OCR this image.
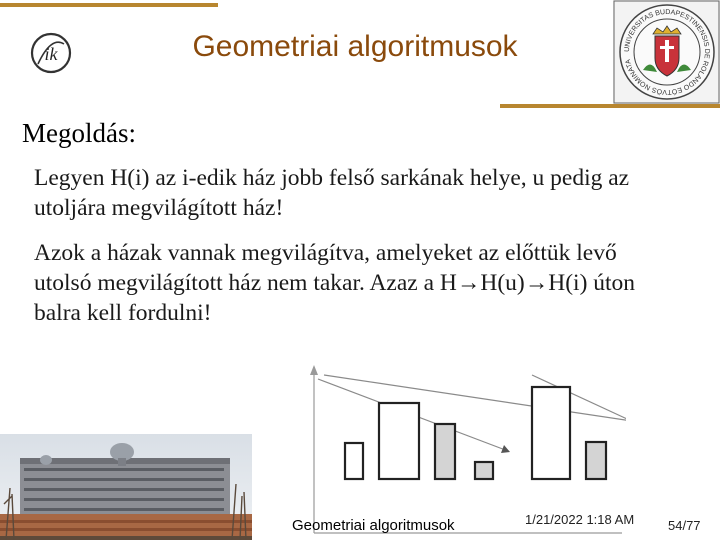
ik	Geometriai algoritmusok	UNIVERSITAS BUDAPESTINENSIS DE ROLANDO EÖTVÖS NOMINATA
Megoldás:

Legyen H(i) az i-edik ház jobb felső sarkának helye, u pedig az utoljára megvilágított ház!

Azok a házak vannak megvilágítva, amelyeket az előttük levő utolsó megvilágított ház nem takar. Azaz a H→H(u)→H(i) úton balra kell fordulni!

Geometriai algoritmusok	1/21/2022 1:18 AM	54/77
